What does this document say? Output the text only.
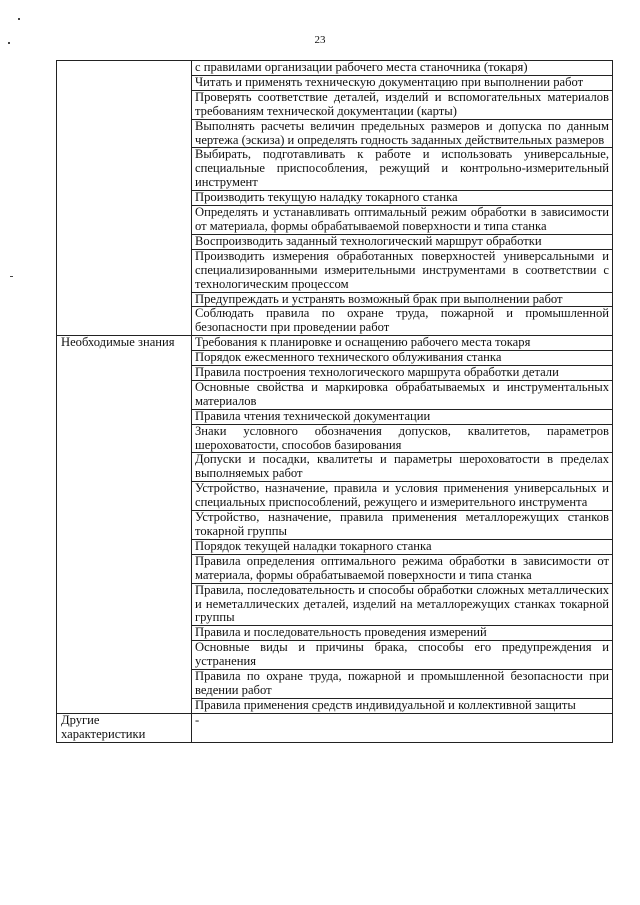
23
	с правилами организации рабочего места станочника (токаря)
	Читать и применять техническую документацию при выполнении работ
	Проверять соответствие деталей, изделий и вспомогательных материалов требованиям технической документации (карты)
	Выполнять расчеты величин предельных размеров и допуска по данным чертежа (эскиза) и определять годность заданных действительных размеров
	Выбирать, подготавливать к работе и использовать универсальные, специальные приспособления, режущий и контрольно-измерительный инструмент
	Производить текущую наладку токарного станка
	Определять и устанавливать оптимальный режим обработки в зависимости от материала, формы обрабатываемой поверхности и типа станка
	Воспроизводить заданный технологический маршрут обработки
	Производить измерения обработанных поверхностей универсальными и специализированными измерительными инструментами в соответствии с технологическим процессом
	Предупреждать и устранять возможный брак при выполнении работ
	Соблюдать правила по охране труда, пожарной и промышленной безопасности при проведении работ
Необходимые знания	Требования к планировке и оснащению рабочего места токаря
	Порядок ежесменного технического облуживания станка
	Правила построения технологического маршрута обработки детали
	Основные свойства и маркировка обрабатываемых и инструментальных материалов
	Правила чтения технической документации
	Знаки условного обозначения допусков, квалитетов, параметров шероховатости, способов базирования
	Допуски и посадки, квалитеты и параметры шероховатости в пределах выполняемых работ
	Устройство, назначение, правила и условия применения универсальных и специальных приспособлений, режущего и измерительного инструмента
	Устройство, назначение, правила применения металлорежущих станков токарной группы
	Порядок текущей наладки токарного станка
	Правила определения оптимального режима обработки в зависимости от материала, формы обрабатываемой поверхности и типа станка
	Правила, последовательность и способы обработки сложных металлических и неметаллических деталей, изделий на металлорежущих станках токарной группы
	Правила и последовательность проведения измерений
	Основные виды и причины брака, способы его предупреждения и устранения
	Правила по охране труда, пожарной и промышленной безопасности при ведении работ
	Правила применения средств индивидуальной и коллективной защиты
Другие характеристики	-
